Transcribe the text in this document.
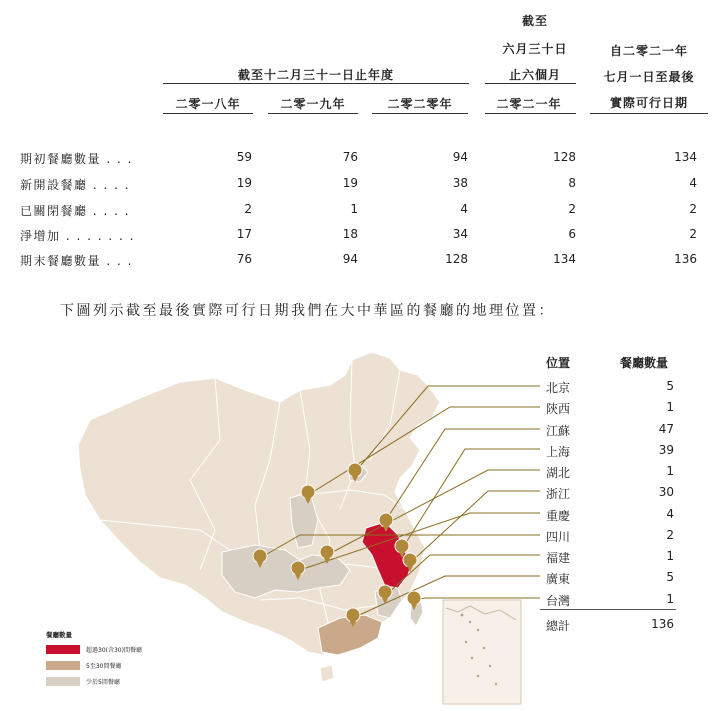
截至
六月三十日
止六個月
自二零二一年
七月一日至最後
實際可行日期
截至十二月三十一日止年度
二零一八年	二零一九年	二零二零年	二零二一年
期初餐廳數量 . . .	59	76	94	128	134
新開設餐廳 . . . .	19	19	38	8	4
已關閉餐廳 . . . .	2	1	4	2	2
淨增加 . . . . . . .	17	18	34	6	2
期末餐廳數量 . . .	76	94	128	134	136
下圖列示截至最後實際可行日期我們在大中華區的餐廳的地理位置：
位置	餐廳數量
北京	5
陝西	1
江蘇	47
上海	39
湖北	1
浙江	30
重慶	4
四川	2
福建	1
廣東	5
台灣	1
總計	136
餐廳數量
超過30(含30)間餐廳
5至30間餐廳
少於5間餐廳
